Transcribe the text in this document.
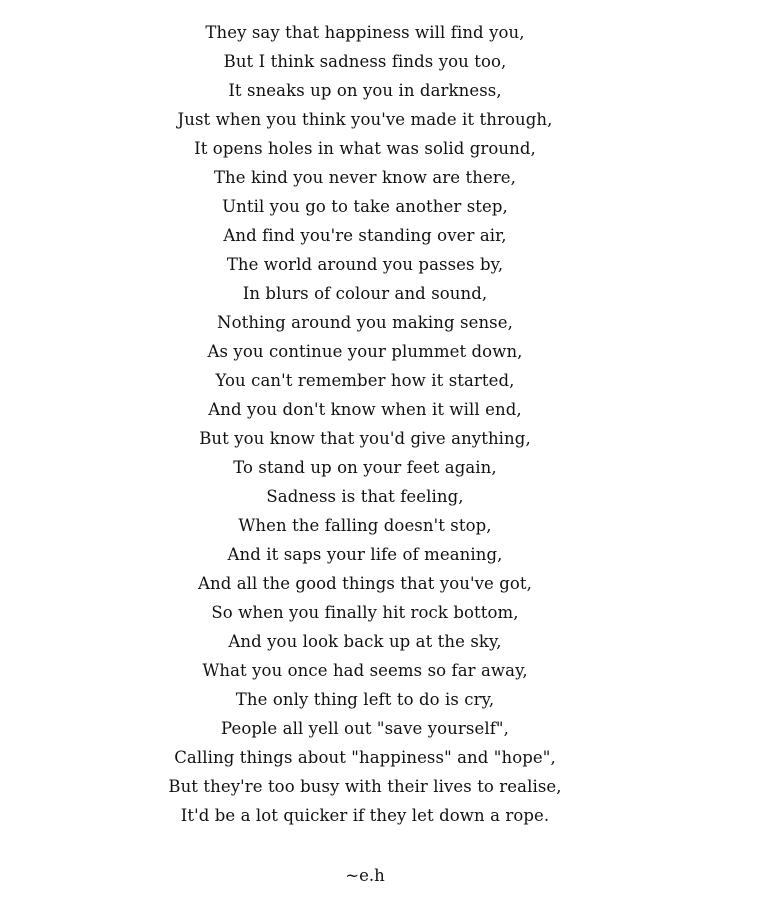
They say that happiness will find you,
But I think sadness finds you too,
It sneaks up on you in darkness,
Just when you think you've made it through,
It opens holes in what was solid ground,
The kind you never know are there,
Until you go to take another step,
And find you're standing over air,
The world around you passes by,
In blurs of colour and sound,
Nothing around you making sense,
As you continue your plummet down,
You can't remember how it started,
And you don't know when it will end,
But you know that you'd give anything,
To stand up on your feet again,
Sadness is that feeling,
When the falling doesn't stop,
And it saps your life of meaning,
And all the good things that you've got,
So when you finally hit rock bottom,
And you look back up at the sky,
What you once had seems so far away,
The only thing left to do is cry,
People all yell out "save yourself",
Calling things about "happiness" and "hope",
But they're too busy with their lives to realise,
It'd be a lot quicker if they let down a rope.
~e.h
